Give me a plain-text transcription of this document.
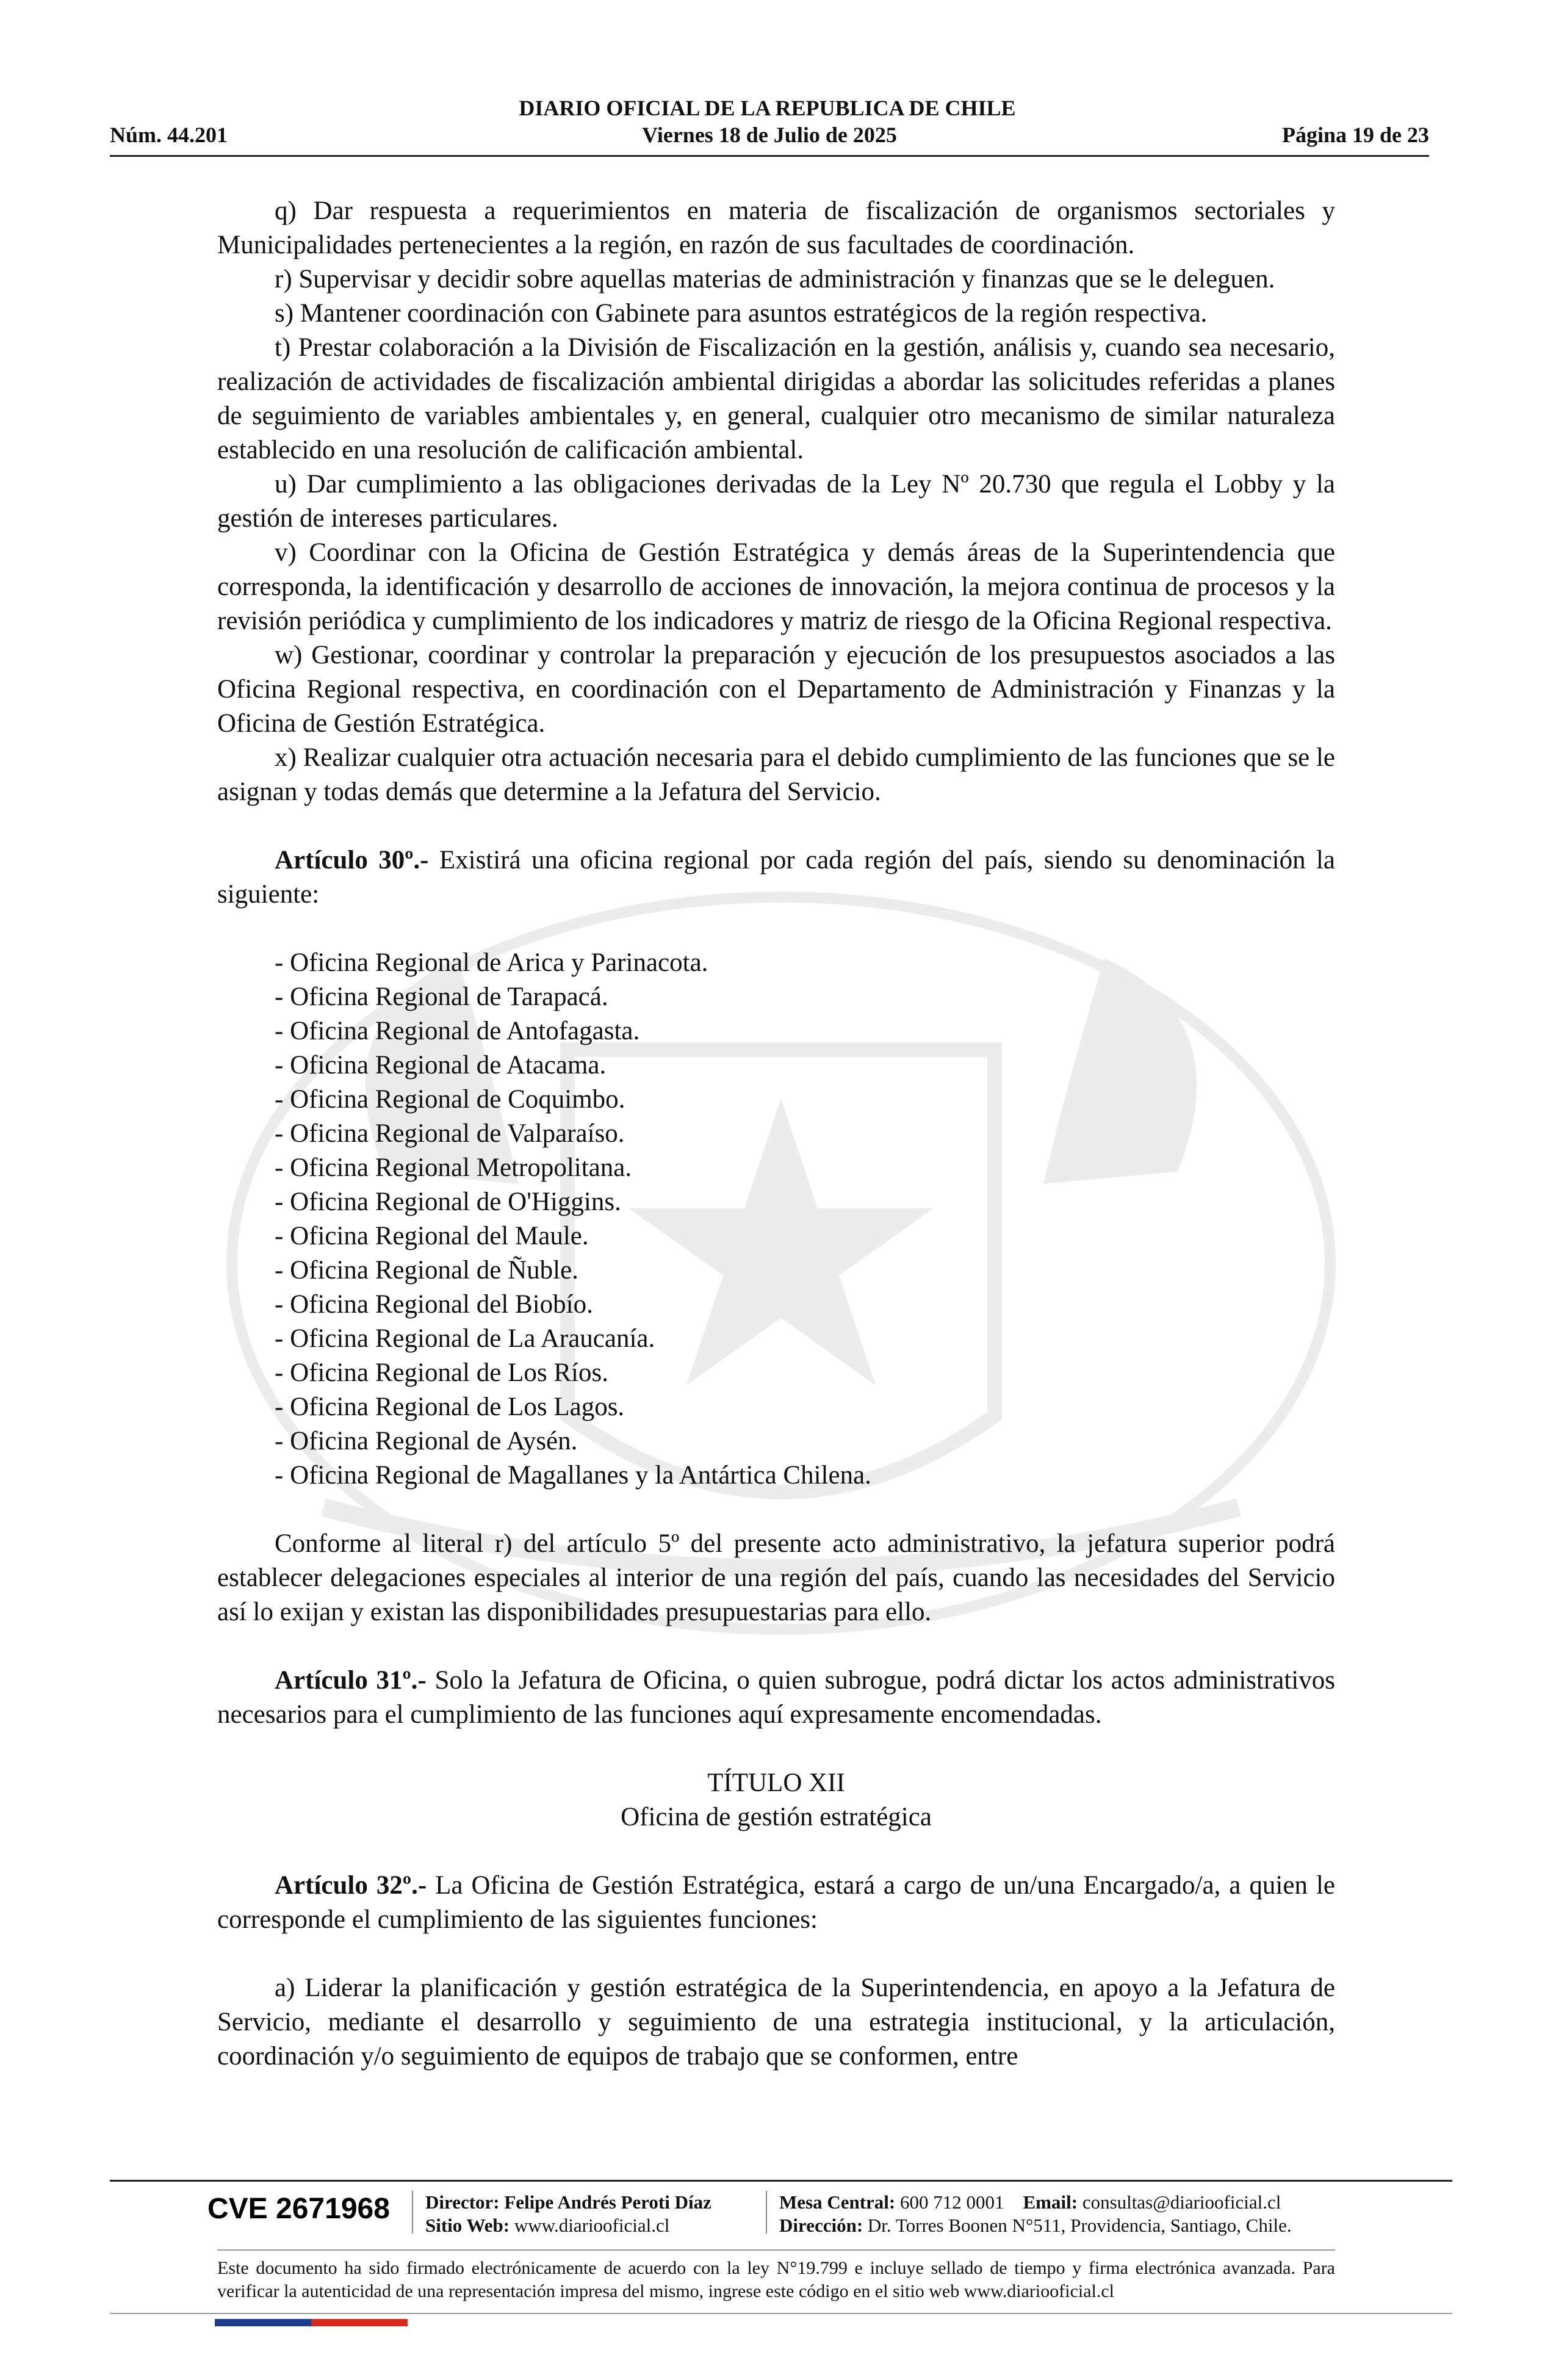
DIARIO OFICIAL DE LA REPUBLICA DE CHILE
Núm. 44.201	Viernes 18 de Julio de 2025	Página 19 de 23

q) Dar respuesta a requerimientos en materia de fiscalización de organismos sectoriales y Municipalidades pertenecientes a la región, en razón de sus facultades de coordinación.

r) Supervisar y decidir sobre aquellas materias de administración y finanzas que se le deleguen.

s) Mantener coordinación con Gabinete para asuntos estratégicos de la región respectiva.

t) Prestar colaboración a la División de Fiscalización en la gestión, análisis y, cuando sea necesario, realización de actividades de fiscalización ambiental dirigidas a abordar las solicitudes referidas a planes de seguimiento de variables ambientales y, en general, cualquier otro mecanismo de similar naturaleza establecido en una resolución de calificación ambiental.

u) Dar cumplimiento a las obligaciones derivadas de la Ley Nº 20.730 que regula el Lobby y la gestión de intereses particulares.

v) Coordinar con la Oficina de Gestión Estratégica y demás áreas de la Superintendencia que corresponda, la identificación y desarrollo de acciones de innovación, la mejora continua de procesos y la revisión periódica y cumplimiento de los indicadores y matriz de riesgo de la Oficina Regional respectiva.

w) Gestionar, coordinar y controlar la preparación y ejecución de los presupuestos asociados a las Oficina Regional respectiva, en coordinación con el Departamento de Administración y Finanzas y la Oficina de Gestión Estratégica.

x) Realizar cualquier otra actuación necesaria para el debido cumplimiento de las funciones que se le asignan y todas demás que determine a la Jefatura del Servicio.

Artículo 30º.- Existirá una oficina regional por cada región del país, siendo su denominación la siguiente:

- Oficina Regional de Arica y Parinacota.
- Oficina Regional de Tarapacá.
- Oficina Regional de Antofagasta.
- Oficina Regional de Atacama.
- Oficina Regional de Coquimbo.
- Oficina Regional de Valparaíso.
- Oficina Regional Metropolitana.
- Oficina Regional de O'Higgins.
- Oficina Regional del Maule.
- Oficina Regional de Ñuble.
- Oficina Regional del Biobío.
- Oficina Regional de La Araucanía.
- Oficina Regional de Los Ríos.
- Oficina Regional de Los Lagos.
- Oficina Regional de Aysén.
- Oficina Regional de Magallanes y la Antártica Chilena.

Conforme al literal r) del artículo 5º del presente acto administrativo, la jefatura superior podrá establecer delegaciones especiales al interior de una región del país, cuando las necesidades del Servicio así lo exijan y existan las disponibilidades presupuestarias para ello.

Artículo 31º.- Solo la Jefatura de Oficina, o quien subrogue, podrá dictar los actos administrativos necesarios para el cumplimiento de las funciones aquí expresamente encomendadas.

TÍTULO XII

Oficina de gestión estratégica

Artículo 32º.- La Oficina de Gestión Estratégica, estará a cargo de un/una Encargado/a, a quien le corresponde el cumplimiento de las siguientes funciones:

a) Liderar la planificación y gestión estratégica de la Superintendencia, en apoyo a la Jefatura de Servicio, mediante el desarrollo y seguimiento de una estrategia institucional, y la articulación, coordinación y/o seguimiento de equipos de trabajo que se conformen, entre

CVE 2671968 Director: Felipe Andrés Peroti Díaz
Sitio Web: www.diariooficial.cl
Mesa Central: 600 712 0001 Email: consultas@diariooficial.cl
Dirección: Dr. Torres Boonen N°511, Providencia, Santiago, Chile.
Este documento ha sido firmado electrónicamente de acuerdo con la ley N°19.799 e incluye sellado de tiempo y firma electrónica avanzada. Para verificar la autenticidad de una representación impresa del mismo, ingrese este código en el sitio web www.diariooficial.cl
